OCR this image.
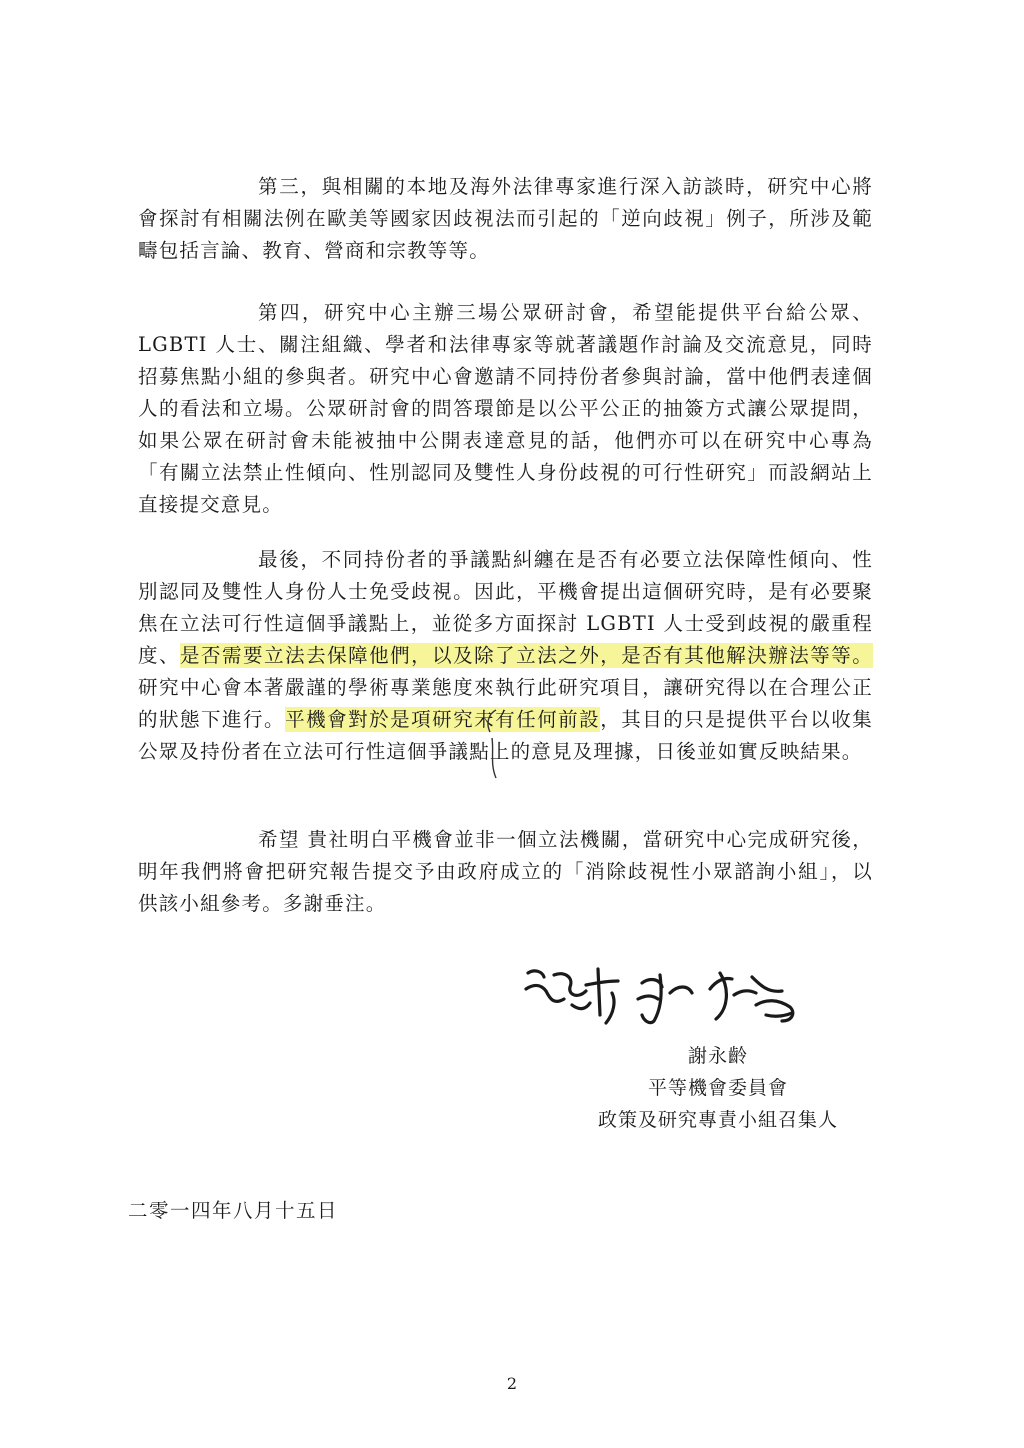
第三，與相關的本地及海外法律專家進行深入訪談時，研究中心將會探討有相關法例在歐美等國家因歧視法而引起的「逆向歧視」例子，所涉及範疇包括言論、教育、營商和宗教等等。

第四，研究中心主辦三場公眾研討會，希望能提供平台給公眾、LGBTI 人士、關注組織、學者和法律專家等就著議題作討論及交流意見，同時招募焦點小組的參與者。研究中心會邀請不同持份者參與討論，當中他們表達個人的看法和立場。公眾研討會的問答環節是以公平公正的抽簽方式讓公眾提問，如果公眾在研討會未能被抽中公開表達意見的話，他們亦可以在研究中心專為「有關立法禁止性傾向、性別認同及雙性人身份歧視的可行性研究」而設網站上直接提交意見。

最後，不同持份者的爭議點糾纏在是否有必要立法保障性傾向、性別認同及雙性人身份人士免受歧視。因此，平機會提出這個研究時，是有必要聚焦在立法可行性這個爭議點上，並從多方面探討 LGBTI 人士受到歧視的嚴重程度、是否需要立法去保障他們，以及除了立法之外，是否有其他解決辦法等等。研究中心會本著嚴謹的學術專業態度來執行此研究項目，讓研究得以在合理公正的狀態下進行。平機會對於是項研究未有任何前設，其目的只是提供平台以收集公眾及持份者在立法可行性這個爭議點上的意見及理據，日後並如實反映結果。

希望 貴社明白平機會並非一個立法機關，當研究中心完成研究後，明年我們將會把研究報告提交予由政府成立的「消除歧視性小眾諮詢小組」，以供該小組參考。多謝垂注。

謝永齡
平等機會委員會
政策及研究專責小組召集人

二零一四年八月十五日

2
